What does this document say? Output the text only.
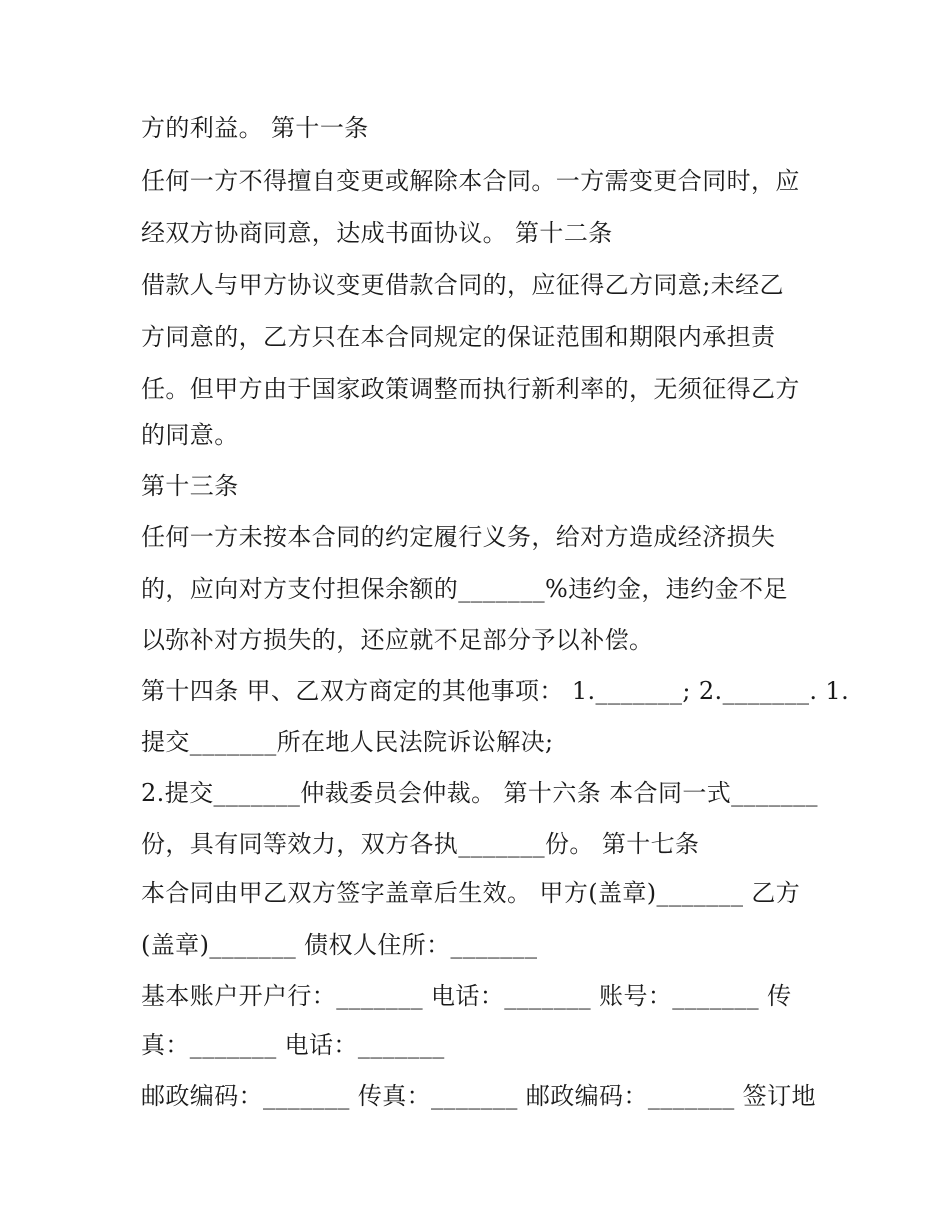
方的利益。 第十一条
任何一方不得擅自变更或解除本合同。一方需变更合同时，应
经双方协商同意，达成书面协议。 第十二条
借款人与甲方协议变更借款合同的，应征得乙方同意;未经乙
方同意的，乙方只在本合同规定的保证范围和期限内承担责
任。但甲方由于国家政策调整而执行新利率的，无须征得乙方
的同意。
第十三条
任何一方未按本合同的约定履行义务，给对方造成经济损失
的，应向对方支付担保余额的_______%违约金，违约金不足
以弥补对方损失的，还应就不足部分予以补偿。
第十四条 甲、乙双方商定的其他事项： 1._______; 2._______. 1.
提交_______所在地人民法院诉讼解决;
2.提交_______仲裁委员会仲裁。 第十六条 本合同一式_______
份，具有同等效力，双方各执_______份。 第十七条
本合同由甲乙双方签字盖章后生效。 甲方(盖章)_______ 乙方
(盖章)_______ 债权人住所：_______
基本账户开户行：_______ 电话：_______ 账号：_______ 传
真：_______ 电话：_______
邮政编码：_______ 传真：_______ 邮政编码：_______ 签订地
